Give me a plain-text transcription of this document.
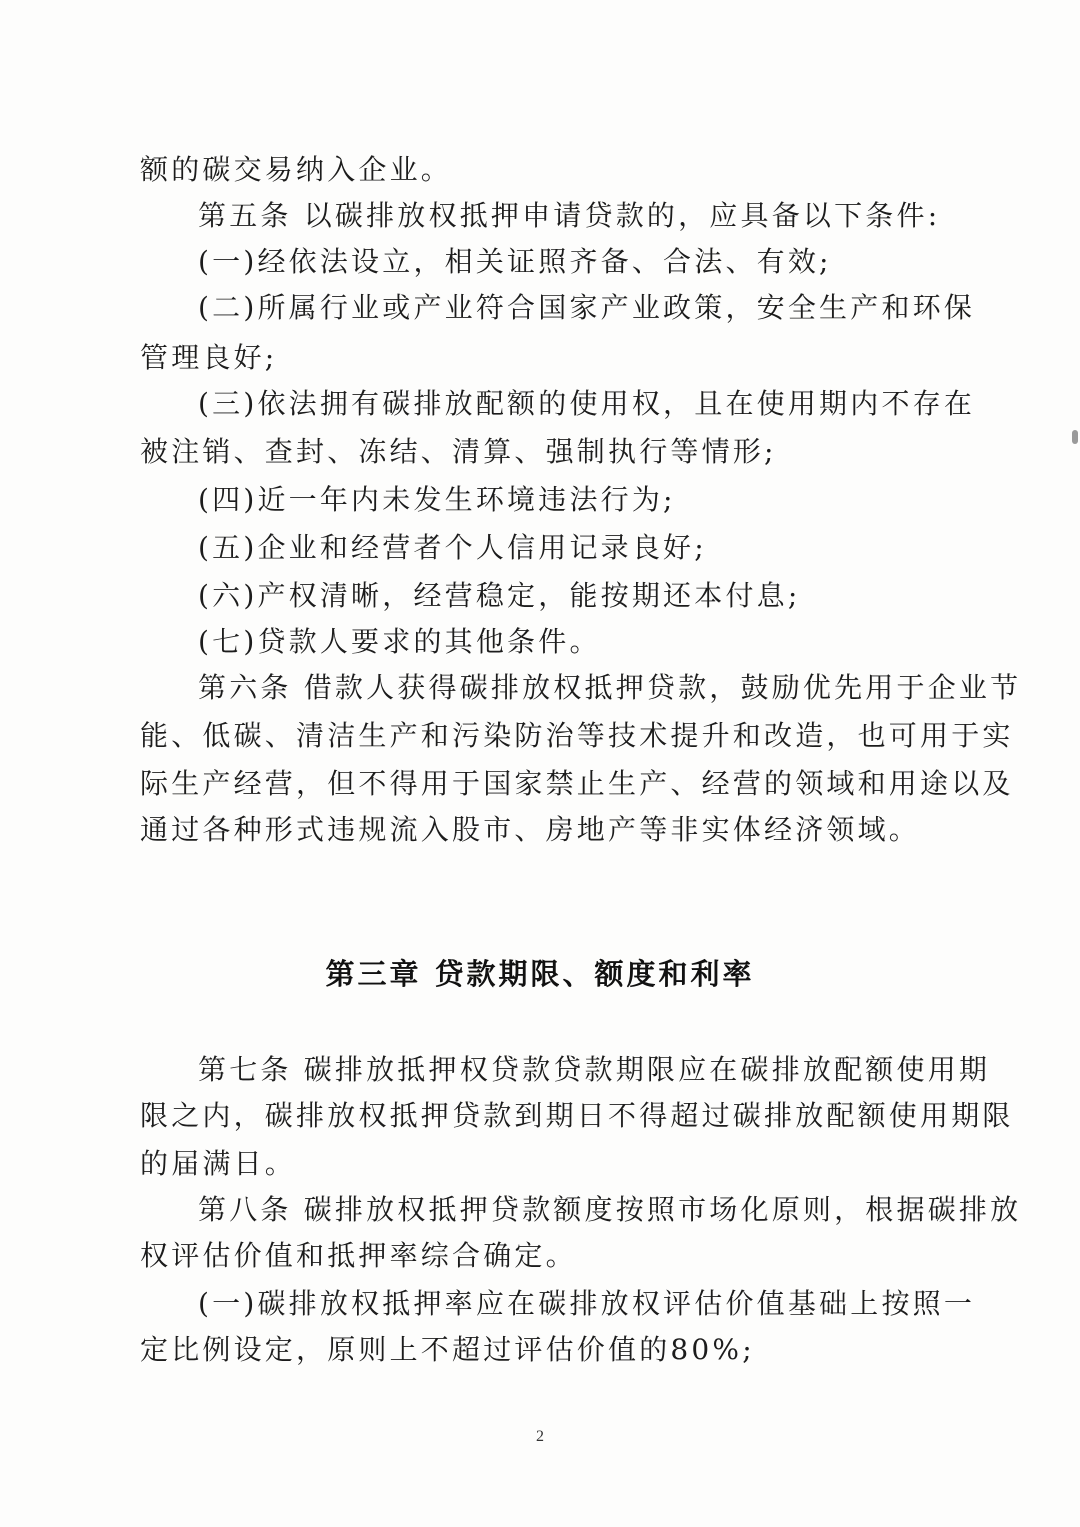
额的碳交易纳入企业。
第五条 以碳排放权抵押申请贷款的，应具备以下条件:
(一)经依法设立，相关证照齐备、合法、有效;
(二)所属行业或产业符合国家产业政策，安全生产和环保
管理良好;
(三)依法拥有碳排放配额的使用权，且在使用期内不存在
被注销、查封、冻结、清算、强制执行等情形;
(四)近一年内未发生环境违法行为;
(五)企业和经营者个人信用记录良好;
(六)产权清晰，经营稳定，能按期还本付息;
(七)贷款人要求的其他条件。
第六条 借款人获得碳排放权抵押贷款，鼓励优先用于企业节
能、低碳、清洁生产和污染防治等技术提升和改造，也可用于实
际生产经营，但不得用于国家禁止生产、经营的领域和用途以及
通过各种形式违规流入股市、房地产等非实体经济领域。
第三章 贷款期限、额度和利率
第七条 碳排放抵押权贷款贷款期限应在碳排放配额使用期
限之内，碳排放权抵押贷款到期日不得超过碳排放配额使用期限
的届满日。
第八条 碳排放权抵押贷款额度按照市场化原则，根据碳排放
权评估价值和抵押率综合确定。
(一)碳排放权抵押率应在碳排放权评估价值基础上按照一
定比例设定，原则上不超过评估价值的80%;
2
